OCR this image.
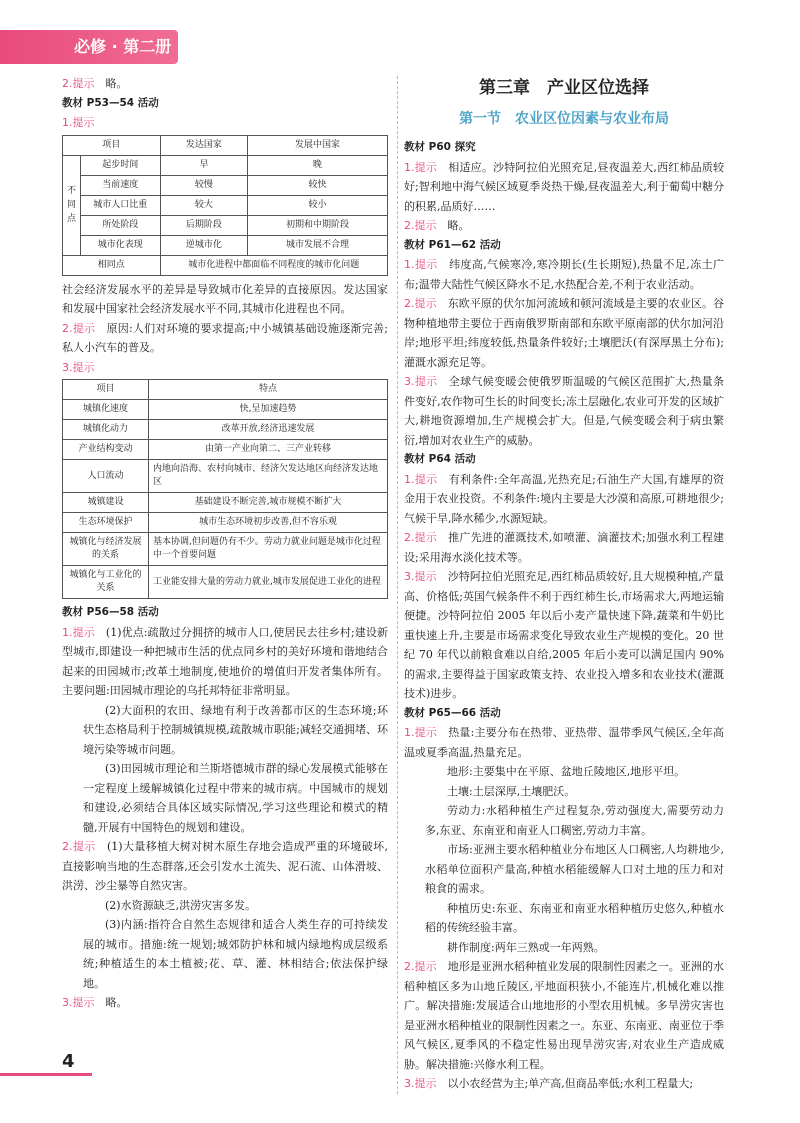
必修 · 第二册

2.提示　 略。

教材 P53—54 活动
1.提示
项目		发达国家	发展中国家
不同点	起步时间	早	晚
	当前速度	较慢	较快
	城市人口比重	较大	较小
	所处阶段	后期阶段	初期和中期阶段
	城市化表现	逆城市化	城市发展不合理
相同点		城市化进程中都面临不同程度的城市化问题	

社会经济发展水平的差异是导致城市化差异的直接原因。发达国家和发展中国家社会经济发展水平不同,其城市化进程也不同。

2.提示　 原因:人们对环境的要求提高;中小城镇基础设施逐渐完善;私人小汽车的普及。

3.提示
项目	特点
城镇化速度	快,呈加速趋势
城镇化动力	改革开放,经济迅速发展
产业结构变动	由第一产业向第二、三产业转移
人口流动	内地向沿海、农村向城市、经济欠发达地区向经济发达地区
城镇建设	基础建设不断完善,城市规模不断扩大
生态环境保护	城市生态环境初步改善,但不容乐观
城镇化与经济发展的关系	基本协调,但问题仍有不少。劳动力就业问题是城市化过程中一个首要问题
城镇化与工业化的关系	工业能安排大量的劳动力就业,城市发展促进工业化的进程
教材 P56—58 活动

1.提示　 (1)优点:疏散过分拥挤的城市人口,使居民去往乡村;建设新型城市,即建设一种把城市生活的优点同乡村的美好环境和谐地结合起来的田园城市;改革土地制度,使地价的增值归开发者集体所有。主要问题:田园城市理论的乌托邦特征非常明显。

(2)大面积的农田、绿地有利于改善都市区的生态环境;环状生态格局利于控制城镇规模,疏散城市职能;减轻交通拥堵、环境污染等城市问题。

(3)田园城市理论和兰斯塔德城市群的绿心发展模式能够在一定程度上缓解城镇化过程中带来的城市病。中国城市的规划和建设,必须结合具体区域实际情况,学习这些理论和模式的精髓,开展有中国特色的规划和建设。

2.提示　 (1)大量移植大树对树木原生存地会造成严重的环境破坏,直接影响当地的生态群落,还会引发水土流失、泥石流、山体滑坡、洪涝、沙尘暴等自然灾害。

(2)水资源缺乏,洪涝灾害多发。

(3)内涵:指符合自然生态规律和适合人类生存的可持续发展的城市。措施:统一规划;城郊防护林和城内绿地构成层级系统;种植适生的本土植被;花、草、灌、林相结合;依法保护绿地。

3.提示　 略。

第三章　产业区位选择
第一节　农业区位因素与农业布局
教材 P60 探究

1.提示　 相适应。沙特阿拉伯光照充足,昼夜温差大,西红柿品质较好;智利地中海气候区域夏季炎热干燥,昼夜温差大,利于葡萄中糖分的积累,品质好……

2.提示　 略。

教材 P61—62 活动

1.提示　 纬度高,气候寒冷,寒冷期长(生长期短),热量不足,冻土广布;温带大陆性气候区降水不足,水热配合差,不利于农业活动。

2.提示　 东欧平原的伏尔加河流域和顿河流域是主要的农业区。谷物种植地带主要位于西南俄罗斯南部和东欧平原南部的伏尔加河沿岸;地形平坦;纬度较低,热量条件较好;土壤肥沃(有深厚黑土分布);灌溉水源充足等。

3.提示　 全球气候变暖会使俄罗斯温暖的气候区范围扩大,热量条件变好,农作物可生长的时间变长;冻土层融化,农业可开发的区域扩大,耕地资源增加,生产规模会扩大。但是,气候变暖会利于病虫繁衍,增加对农业生产的威胁。

教材 P64 活动

1.提示　 有利条件:全年高温,光热充足;石油生产大国,有雄厚的资金用于农业投资。不利条件:境内主要是大沙漠和高原,可耕地很少;气候干旱,降水稀少,水源短缺。

2.提示　 推广先进的灌溉技术,如喷灌、滴灌技术;加强水利工程建设;采用海水淡化技术等。

3.提示　 沙特阿拉伯光照充足,西红柿品质较好,且大规模种植,产量高、价格低;英国气候条件不利于西红柿生长,市场需求大,两地运输便捷。沙特阿拉伯 2005 年以后小麦产量快速下降,蔬菜和牛奶比重快速上升,主要是市场需求变化导致农业生产规模的变化。20 世纪 70 年代以前粮食难以自给,2005 年后小麦可以满足国内 90%的需求,主要得益于国家政策支持、农业投入增多和农业技术(灌溉技术)进步。

教材 P65—66 活动

1.提示　 热量:主要分布在热带、亚热带、温带季风气候区,全年高温或夏季高温,热量充足。

地形:主要集中在平原、盆地丘陵地区,地形平坦。

土壤:土层深厚,土壤肥沃。

劳动力:水稻种植生产过程复杂,劳动强度大,需要劳动力多,东亚、东南亚和南亚人口稠密,劳动力丰富。

市场:亚洲主要水稻种植业分布地区人口稠密,人均耕地少,水稻单位面积产量高,种植水稻能缓解人口对土地的压力和对粮食的需求。

种植历史:东亚、东南亚和南亚水稻种植历史悠久,种植水稻的传统经验丰富。

耕作制度:两年三熟或一年两熟。

2.提示　 地形是亚洲水稻种植业发展的限制性因素之一。亚洲的水稻种植区多为山地丘陵区,平地面积狭小,不能连片,机械化难以推广。解决措施:发展适合山地地形的小型农用机械。多旱涝灾害也是亚洲水稻种植业的限制性因素之一。东亚、东南亚、南亚位于季风气候区,夏季风的不稳定性易出现旱涝灾害,对农业生产造成威胁。解决措施:兴修水利工程。

3.提示　 以小农经营为主;单产高,但商品率低;水利工程量大;

4
